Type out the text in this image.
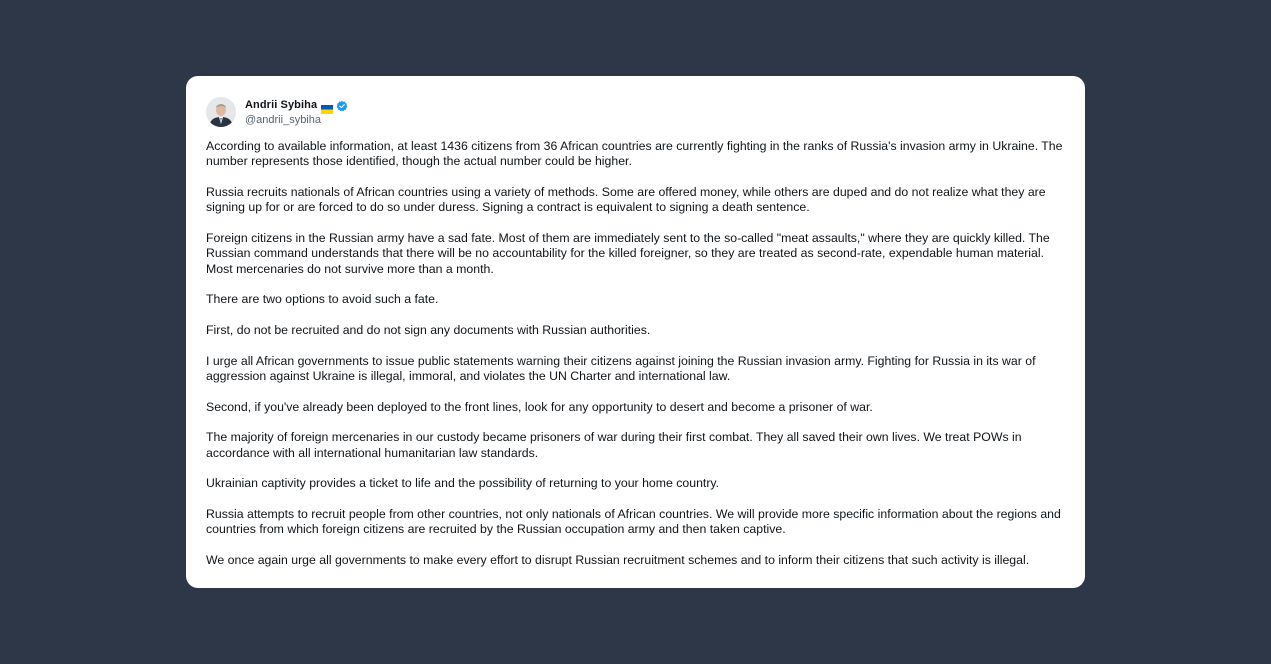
Andrii Sybiha
@andrii_sybiha

According to available information, at least 1436 citizens from 36 African countries are currently fighting in the ranks of Russia's invasion army in Ukraine. The number represents those identified, though the actual number could be higher.

Russia recruits nationals of African countries using a variety of methods. Some are offered money, while others are duped and do not realize what they are signing up for or are forced to do so under duress. Signing a contract is equivalent to signing a death sentence.

Foreign citizens in the Russian army have a sad fate. Most of them are immediately sent to the so-called "meat assaults," where they are quickly killed. The Russian command understands that there will be no accountability for the killed foreigner, so they are treated as second-rate, expendable human material. Most mercenaries do not survive more than a month.

There are two options to avoid such a fate.

First, do not be recruited and do not sign any documents with Russian authorities.

I urge all African governments to issue public statements warning their citizens against joining the Russian invasion army. Fighting for Russia in its war of aggression against Ukraine is illegal, immoral, and violates the UN Charter and international law.

Second, if you've already been deployed to the front lines, look for any opportunity to desert and become a prisoner of war.

The majority of foreign mercenaries in our custody became prisoners of war during their first combat. They all saved their own lives. We treat POWs in accordance with all international humanitarian law standards.

Ukrainian captivity provides a ticket to life and the possibility of returning to your home country.

Russia attempts to recruit people from other countries, not only nationals of African countries. We will provide more specific information about the regions and countries from which foreign citizens are recruited by the Russian occupation army and then taken captive.

We once again urge all governments to make every effort to disrupt Russian recruitment schemes and to inform their citizens that such activity is illegal.
